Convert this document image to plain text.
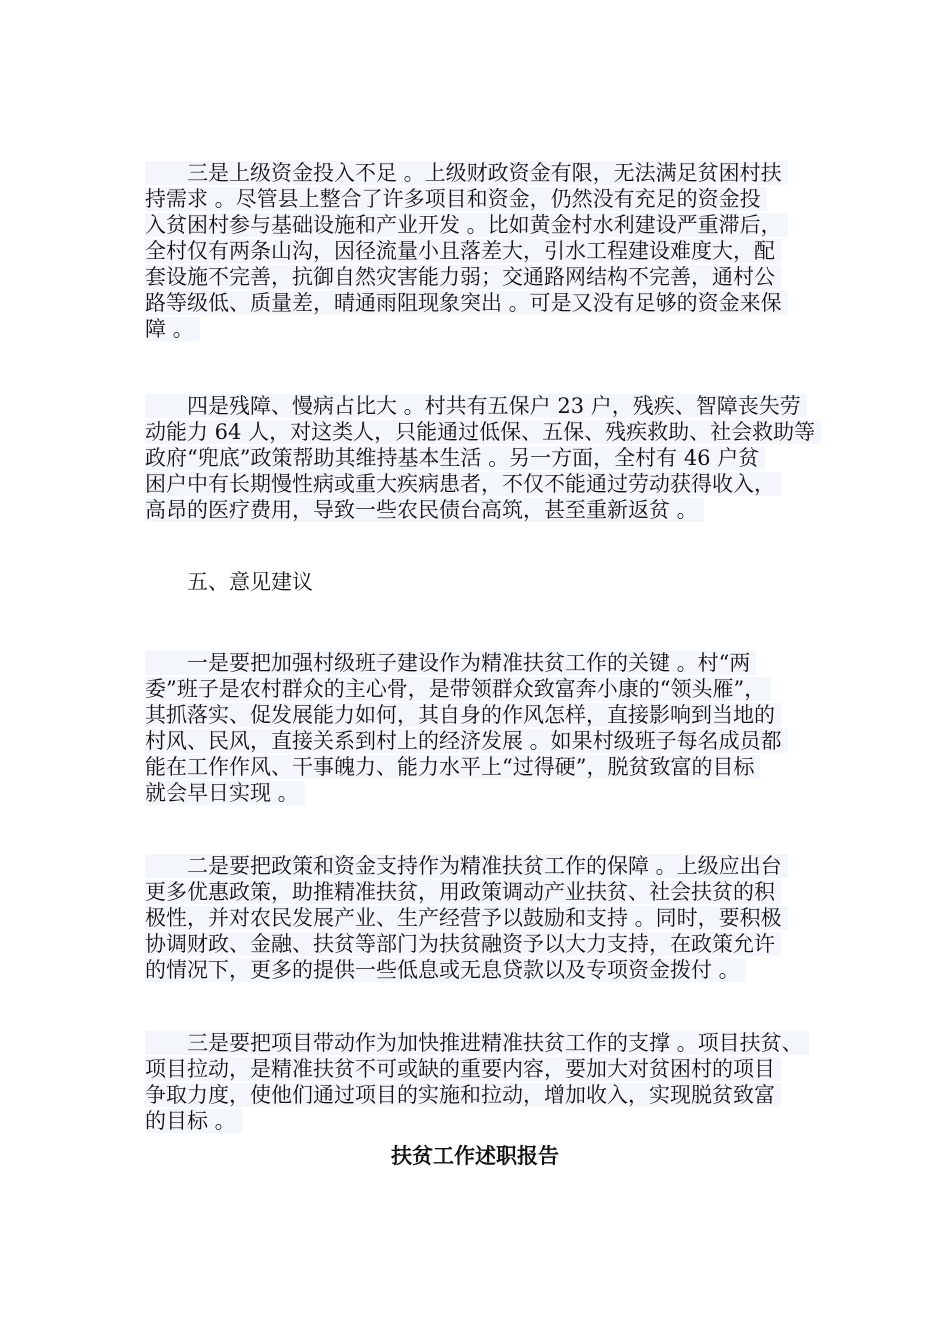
　　三是上级资金投入不足 。上级财政资金有限，无法满足贫困村扶
持需求 。尽管县上整合了许多项目和资金，仍然没有充足的资金投
入贫困村参与基础设施和产业开发 。比如黄金村水利建设严重滞后，
全村仅有两条山沟，因径流量小且落差大，引水工程建设难度大，配
套设施不完善，抗御自然灾害能力弱；交通路网结构不完善，通村公
路等级低、质量差，晴通雨阻现象突出 。可是又没有足够的资金来保
障 。
　　四是残障、慢病占比大 。村共有五保户 23 户，残疾、智障丧失劳
动能力 64 人，对这类人，只能通过低保、五保、残疾救助、社会救助等
政府“兜底”政策帮助其维持基本生活 。另一方面，全村有 46 户贫
困户中有长期慢性病或重大疾病患者，不仅不能通过劳动获得收入，
高昂的医疗费用，导致一些农民债台高筑，甚至重新返贫 。
　　五、意见建议
　　一是要把加强村级班子建设作为精准扶贫工作的关键 。村“两
委”班子是农村群众的主心骨，是带领群众致富奔小康的“领头雁”，
其抓落实、促发展能力如何，其自身的作风怎样，直接影响到当地的
村风、民风，直接关系到村上的经济发展 。如果村级班子每名成员都
能在工作作风、干事魄力、能力水平上“过得硬”，脱贫致富的目标
就会早日实现 。
　　二是要把政策和资金支持作为精准扶贫工作的保障 。上级应出台
更多优惠政策，助推精准扶贫，用政策调动产业扶贫、社会扶贫的积
极性，并对农民发展产业、生产经营予以鼓励和支持 。同时，要积极
协调财政、金融、扶贫等部门为扶贫融资予以大力支持，在政策允许
的情况下，更多的提供一些低息或无息贷款以及专项资金拨付 。
　　三是要把项目带动作为加快推进精准扶贫工作的支撑 。项目扶贫、
项目拉动，是精准扶贫不可或缺的重要内容，要加大对贫困村的项目
争取力度，使他们通过项目的实施和拉动，增加收入，实现脱贫致富
的目标 。
扶贫工作述职报告
